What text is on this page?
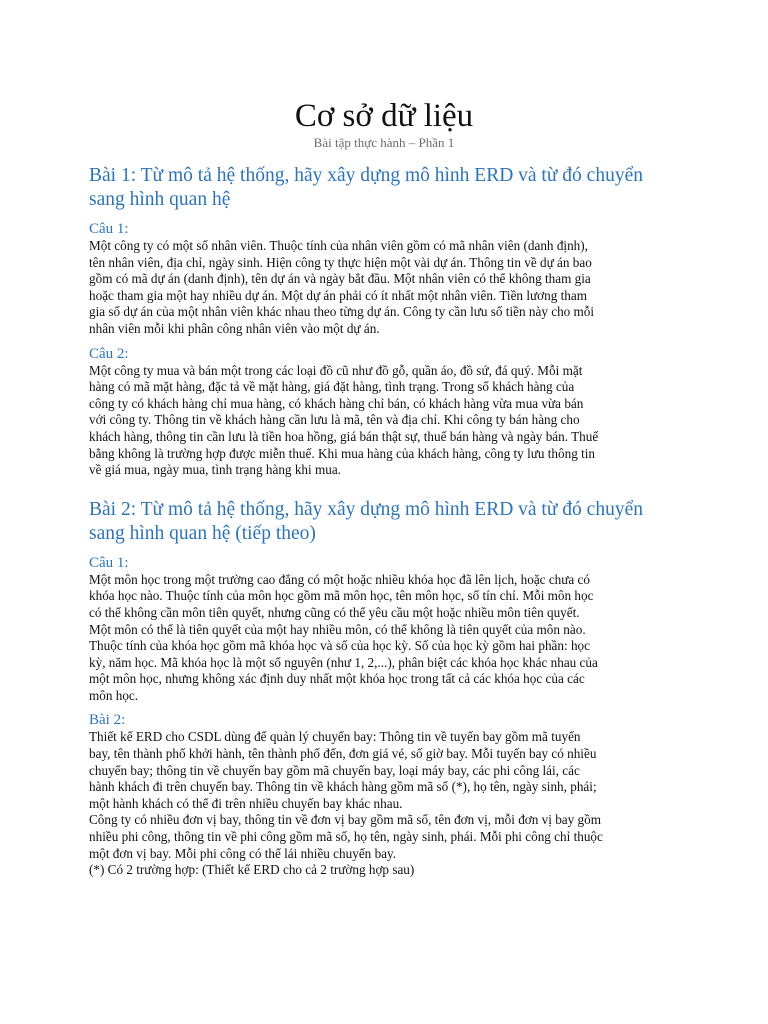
Cơ sở dữ liệu
Bài tập thực hành – Phần 1
Bài 1: Từ mô tả hệ thống, hãy xây dựng mô hình ERD và từ đó chuyển
sang hình quan hệ
Câu 1:
Một công ty có một số nhân viên. Thuộc tính của nhân viên gồm có mã nhân viên (danh định),
tên nhân viên, địa chỉ, ngày sinh. Hiện công ty thực hiện một vài dự án. Thông tin về dự án bao
gồm có mã dự án (danh định), tên dự án và ngày bắt đầu. Một nhân viên có thể không tham gia
hoặc tham gia một hay nhiều dự án. Một dự án phải có ít nhất một nhân viên. Tiền lương tham
gia số dự án của một nhân viên khác nhau theo từng dự án. Công ty cần lưu số tiền này cho mỗi
nhân viên mỗi khi phân công nhân viên vào một dự án.
Câu 2:
Một công ty mua và bán một trong các loại đồ cũ như đồ gỗ, quần áo, đồ sứ, đá quý. Mỗi mặt
hàng có mã mặt hàng, đặc tả về mặt hàng, giá đặt hàng, tình trạng. Trong số khách hàng của
công ty có khách hàng chỉ mua hàng, có khách hàng chỉ bán, có khách hàng vừa mua vừa bán
với công ty. Thông tin về khách hàng cần lưu là mã, tên và địa chỉ. Khi công ty bán hàng cho
khách hàng, thông tin cần lưu là tiền hoa hồng, giá bán thật sự, thuế bán hàng và ngày bán. Thuế
bằng không là trường hợp được miễn thuế. Khi mua hàng của khách hàng, công ty lưu thông tin
về giá mua, ngày mua, tình trạng hàng khi mua.
Bài 2: Từ mô tả hệ thống, hãy xây dựng mô hình ERD và từ đó chuyển
sang hình quan hệ (tiếp theo)
Câu 1:
Một môn học trong một trường cao đẳng có một hoặc nhiều khóa học đã lên lịch, hoặc chưa có
khóa học nào. Thuộc tính của môn học gồm mã môn học, tên môn học, số tín chỉ. Mỗi môn học
có thể không cần môn tiên quyết, nhưng cũng có thể yêu cầu một hoặc nhiều môn tiên quyết.
Một môn có thể là tiên quyết của một hay nhiều môn, có thể không là tiên quyết của môn nào.
Thuộc tính của khóa học gồm mã khóa học và số của học kỳ. Số của học kỳ gồm hai phần: học
kỳ, năm học. Mã khóa học là một số nguyên (như 1, 2,...), phân biệt các khóa học khác nhau của
một môn học, nhưng không xác định duy nhất một khóa học trong tất cả các khóa học của các
môn học.
Bài 2:
Thiết kế ERD cho CSDL dùng để quản lý chuyến bay: Thông tin về tuyến bay gồm mã tuyến
bay, tên thành phố khởi hành, tên thành phố đến, đơn giá vé, số giờ bay. Mỗi tuyến bay có nhiều
chuyến bay; thông tin về chuyến bay gồm mã chuyến bay, loại máy bay, các phi công lái, các
hành khách đi trên chuyến bay. Thông tin về khách hàng gồm mã số (*), họ tên, ngày sinh, phái;
một hành khách có thể đi trên nhiều chuyến bay khác nhau.
Công ty có nhiều đơn vị bay, thông tin về đơn vị bay gồm mã số, tên đơn vị, mỗi đơn vị bay gồm
nhiều phi công, thông tin về phi công gồm mã số, họ tên, ngày sinh, phái. Mỗi phi công chỉ thuộc
một đơn vị bay. Mỗi phi công có thể lái nhiều chuyến bay.
(*) Có 2 trường hợp: (Thiết kế ERD cho cả 2 trường hợp sau)
